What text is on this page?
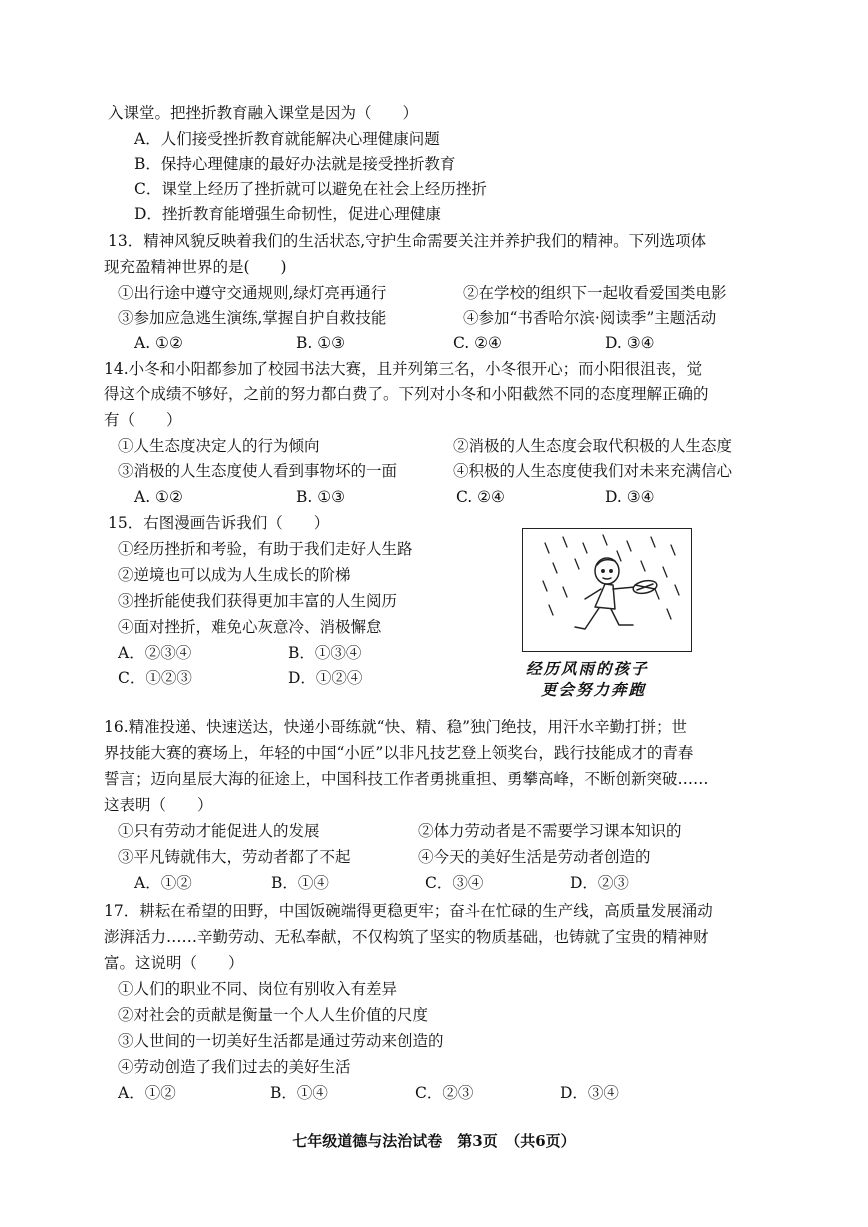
入课堂。把挫折教育融入课堂是因为（　　）
A．人们接受挫折教育就能解决心理健康问题
B．保持心理健康的最好办法就是接受挫折教育
C．课堂上经历了挫折就可以避免在社会上经历挫折
D．挫折教育能增强生命韧性，促进心理健康
13．精神风貌反映着我们的生活状态,守护生命需要关注并养护我们的精神。下列选项体
现充盈精神世界的是(　　)
①出行途中遵守交通规则,绿灯亮再通行	②在学校的组织下一起收看爱国类电影
③参加应急逃生演练,掌握自护自救技能	④参加“书香哈尔滨·阅读季”主题活动
A. ①②	B. ①③	C. ②④	D. ③④
14.小冬和小阳都参加了校园书法大赛，且并列第三名，小冬很开心；而小阳很沮丧，觉
得这个成绩不够好，之前的努力都白费了。下列对小冬和小阳截然不同的态度理解正确的
有（　　）
①人生态度决定人的行为倾向	②消极的人生态度会取代积极的人生态度
③消极的人生态度使人看到事物坏的一面	④积极的人生态度使我们对未来充满信心
A. ①②	B. ①③	C. ②④	D. ③④
15．右图漫画告诉我们（　　）
①经历挫折和考验，有助于我们走好人生路
②逆境也可以成为人生成长的阶梯
③挫折能使我们获得更加丰富的人生阅历
④面对挫折，难免心灰意冷、消极懈怠
A．②③④	B．①③④
C．①②③	D．①②④	经历风雨的孩子
更会努力奔跑
16.精准投递、快速送达，快递小哥练就“快、精、稳”独门绝技，用汗水辛勤打拼；世
界技能大赛的赛场上，年轻的中国“小匠”以非凡技艺登上领奖台，践行技能成才的青春
誓言；迈向星辰大海的征途上，中国科技工作者勇挑重担、勇攀高峰，不断创新突破……
这表明（　　）
①只有劳动才能促进人的发展	②体力劳动者是不需要学习课本知识的
③平凡铸就伟大，劳动者都了不起	④今天的美好生活是劳动者创造的
A．①②	B．①④	C．③④	D．②③
17．耕耘在希望的田野，中国饭碗端得更稳更牢；奋斗在忙碌的生产线，高质量发展涌动
澎湃活力……辛勤劳动、无私奉献，不仅构筑了坚实的物质基础，也铸就了宝贵的精神财
富。这说明（　　）
①人们的职业不同、岗位有别收入有差异
②对社会的贡献是衡量一个人人生价值的尺度
③人世间的一切美好生活都是通过劳动来创造的
④劳动创造了我们过去的美好生活
A．①②	B．①④	C．②③	D．③④
七年级道德与法治试卷　第3页　（共6页）
